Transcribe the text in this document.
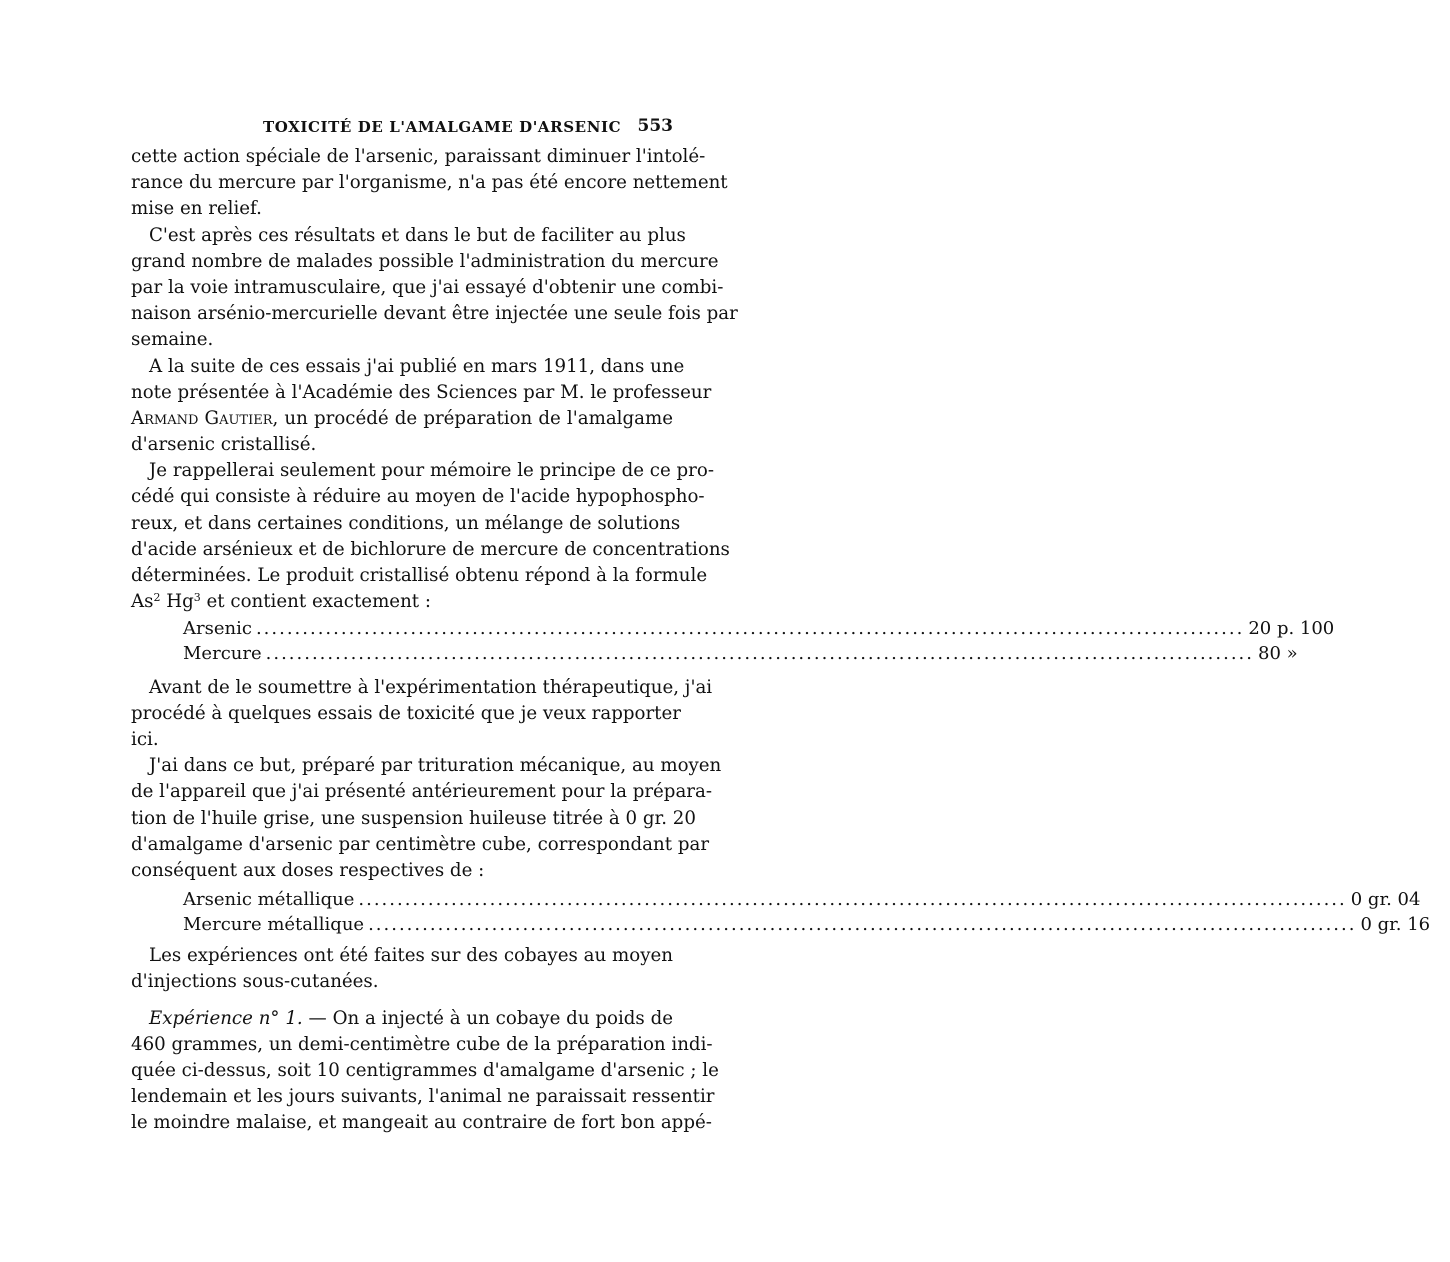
TOXICITÉ DE L'AMALGAME D'ARSENIC 553
cette action spéciale de l'arsenic, paraissant diminuer l'intolé-
rance du mercure par l'organisme, n'a pas été encore nettement
mise en relief.
C'est après ces résultats et dans le but de faciliter au plus
grand nombre de malades possible l'administration du mercure
par la voie intramusculaire, que j'ai essayé d'obtenir une combi-
naison arsénio-mercurielle devant être injectée une seule fois par
semaine.
A la suite de ces essais j'ai publié en mars 1911, dans une
note présentée à l'Académie des Sciences par M. le professeur
Armand Gautier, un procédé de préparation de l'amalgame
d'arsenic cristallisé.
Je rappellerai seulement pour mémoire le principe de ce pro-
cédé qui consiste à réduire au moyen de l'acide hypophospho-
reux, et dans certaines conditions, un mélange de solutions
d'acide arsénieux et de bichlorure de mercure de concentrations
déterminées. Le produit cristallisé obtenu répond à la formule
As$^2$ Hg$^3$ et contient exactement :
Arsenic .....	20 p. 100
Mercure .....	80 »
Avant de le soumettre à l'expérimentation thérapeutique, j'ai
procédé à quelques essais de toxicité que je veux rapporter
ici.
J'ai dans ce but, préparé par trituration mécanique, au moyen
de l'appareil que j'ai présenté antérieurement pour la prépara-
tion de l'huile grise, une suspension huileuse titrée à 0 gr. 20
d'amalgame d'arsenic par centimètre cube, correspondant par
conséquent aux doses respectives de :
Arsenic métallique .....	0 gr. 04
Mercure métallique .....	0 gr. 16
Les expériences ont été faites sur des cobayes au moyen
d'injections sous-cutanées.
Expérience n° 1. — On a injecté à un cobaye du poids de
460 grammes, un demi-centimètre cube de la préparation indi-
quée ci-dessus, soit 10 centigrammes d'amalgame d'arsenic ; le
lendemain et les jours suivants, l'animal ne paraissait ressentir
le moindre malaise, et mangeait au contraire de fort bon appé-
